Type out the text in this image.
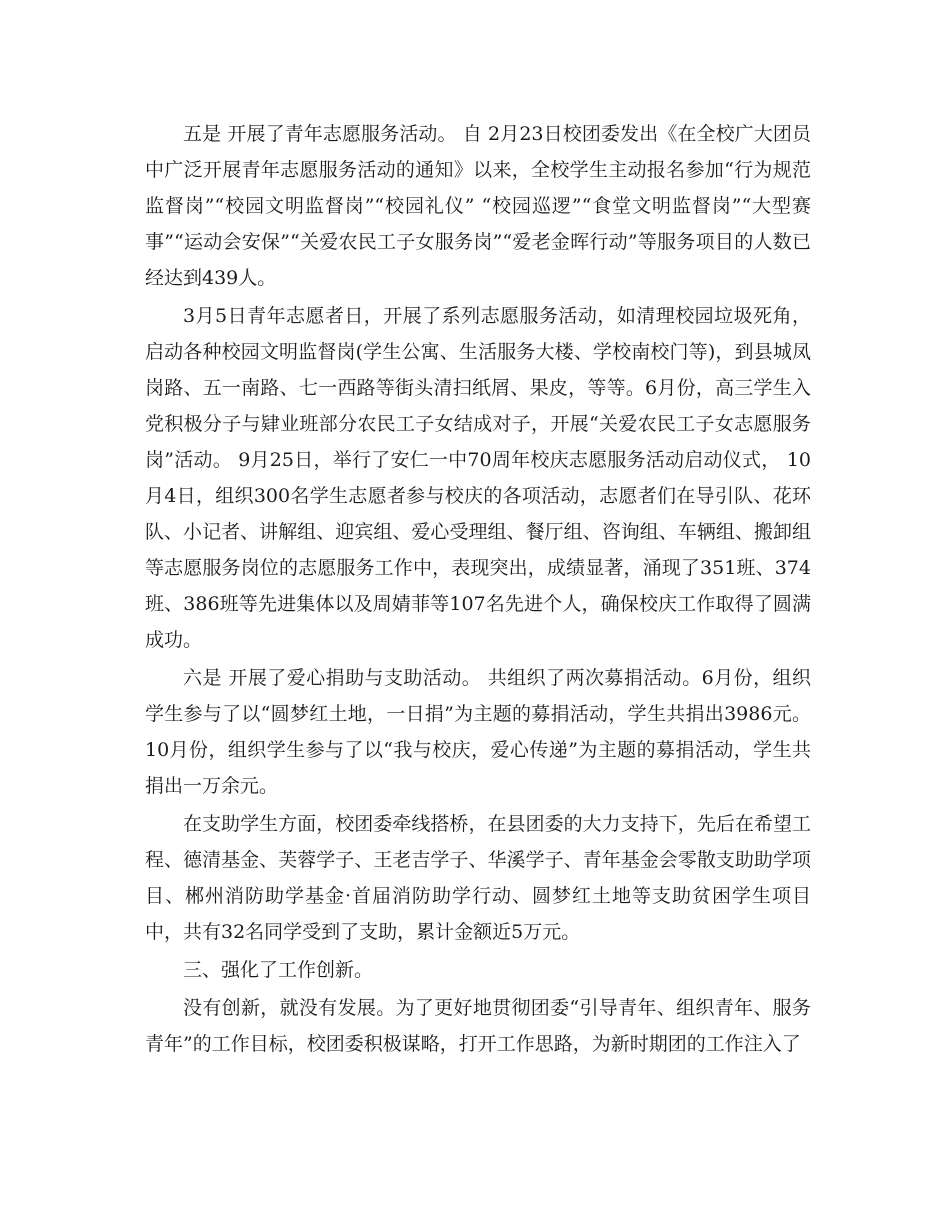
五是 开展了青年志愿服务活动。 自 2月23日校团委发出《在全校广大团员中广泛开展青年志愿服务活动的通知》以来，全校学生主动报名参加“行为规范监督岗”“校园文明监督岗”“校园礼仪” “校园巡逻”“食堂文明监督岗”“大型赛事”“运动会安保”“关爱农民工子女服务岗”“爱老金晖行动”等服务项目的人数已经达到439人。

3月5日青年志愿者日，开展了系列志愿服务活动，如清理校园垃圾死角，启动各种校园文明监督岗(学生公寓、生活服务大楼、学校南校门等)，到县城凤岗路、五一南路、七一西路等街头清扫纸屑、果皮，等等。6月份，高三学生入党积极分子与肄业班部分农民工子女结成对子，开展“关爱农民工子女志愿服务岗”活动。 9月25日，举行了安仁一中70周年校庆志愿服务活动启动仪式， 10月4日，组织300名学生志愿者参与校庆的各项活动，志愿者们在导引队、花环队、小记者、讲解组、迎宾组、爱心受理组、餐厅组、咨询组、车辆组、搬卸组等志愿服务岗位的志愿服务工作中，表现突出，成绩显著，涌现了351班、374班、386班等先进集体以及周婧菲等107名先进个人，确保校庆工作取得了圆满成功。

六是 开展了爱心捐助与支助活动。 共组织了两次募捐活动。6月份，组织学生参与了以“圆梦红土地，一日捐”为主题的募捐活动，学生共捐出3986元。10月份，组织学生参与了以“我与校庆，爱心传递”为主题的募捐活动，学生共捐出一万余元。

在支助学生方面，校团委牵线搭桥，在县团委的大力支持下，先后在希望工程、德清基金、芙蓉学子、王老吉学子、华溪学子、青年基金会零散支助助学项目、郴州消防助学基金·首届消防助学行动、圆梦红土地等支助贫困学生项目中，共有32名同学受到了支助，累计金额近5万元。

三、强化了工作创新。

没有创新，就没有发展。为了更好地贯彻团委“引导青年、组织青年、服务青年”的工作目标，校团委积极谋略，打开工作思路，为新时期团的工作注入了
